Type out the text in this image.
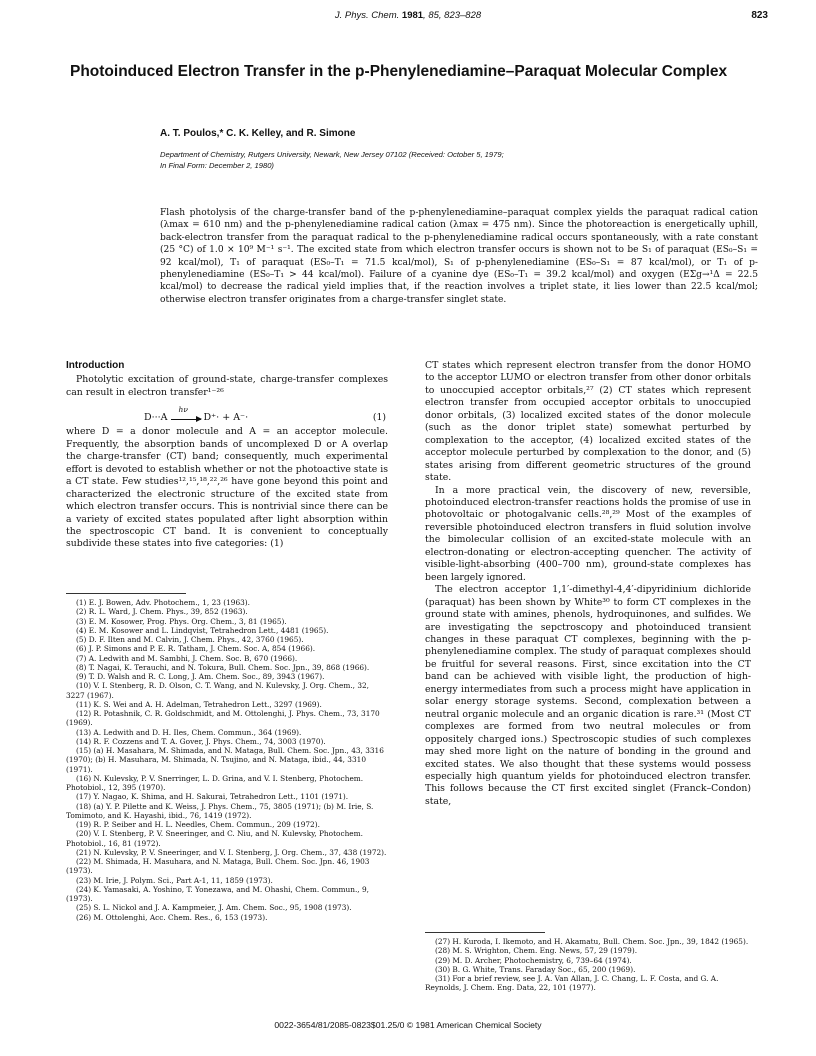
J. Phys. Chem. 1981, 85, 823–828	823
Photoinduced Electron Transfer in the p-Phenylenediamine–Paraquat Molecular Complex
A. T. Poulos,* C. K. Kelley, and R. Simone
Department of Chemistry, Rutgers University, Newark, New Jersey 07102 (Received: October 5, 1979;
In Final Form: December 2, 1980)
Flash photolysis of the charge-transfer band of the p-phenylenediamine–paraquat complex yields the paraquat radical cation (λmax = 610 nm) and the p-phenylenediamine radical cation (λmax = 475 nm). Since the photoreaction is energetically uphill, back-electron transfer from the paraquat radical to the p-phenylenediamine radical occurs spontaneously, with a rate constant (25 °C) of 1.0 × 10⁹ M⁻¹ s⁻¹. The excited state from which electron transfer occurs is shown not to be S₁ of paraquat (ES₀–S₁ = 92 kcal/mol), T₁ of paraquat (ES₀–T₁ = 71.5 kcal/mol), S₁ of p-phenylenediamine (ES₀–S₁ = 87 kcal/mol), or T₁ of p-phenylenediamine (ES₀–T₁ > 44 kcal/mol). Failure of a cyanine dye (ES₀–T₁ = 39.2 kcal/mol) and oxygen (EΣg→¹Δ = 22.5 kcal/mol) to decrease the radical yield implies that, if the reaction involves a triplet state, it lies lower than 22.5 kcal/mol; otherwise electron transfer originates from a charge-transfer singlet state.
Introduction

Photolytic excitation of ground-state, charge-transfer complexes can result in electron transfer¹⁻²⁶

D···A
hν
D⁺· + A⁻·	(1)

where D = a donor molecule and A = an acceptor molecule. Frequently, the absorption bands of uncomplexed D or A overlap the charge-transfer (CT) band; consequently, much experimental effort is devoted to establish whether or not the photoactive state is a CT state. Few studies¹²,¹⁵,¹⁸,²²,²⁶ have gone beyond this point and characterized the electronic structure of the excited state from which electron transfer occurs. This is nontrivial since there can be a variety of excited states populated after light absorption within the spectroscopic CT band. It is convenient to conceptually subdivide these states into five categories: (1)

(1) E. J. Bowen, Adv. Photochem., 1, 23 (1963).
(2) R. L. Ward, J. Chem. Phys., 39, 852 (1963).
(3) E. M. Kosower, Prog. Phys. Org. Chem., 3, 81 (1965).
(4) E. M. Kosower and L. Lindqvist, Tetrahedron Lett., 4481 (1965).
(5) D. F. Ilten and M. Calvin, J. Chem. Phys., 42, 3760 (1965).
(6) J. P. Simons and P. E. R. Tatham, J. Chem. Soc. A, 854 (1966).
(7) A. Ledwith and M. Sambhi, J. Chem. Soc. B, 670 (1966).
(8) T. Nagai, K. Terauchi, and N. Tokura, Bull. Chem. Soc. Jpn., 39, 868 (1966).
(9) T. D. Walsh and R. C. Long, J. Am. Chem. Soc., 89, 3943 (1967).
(10) V. I. Stenberg, R. D. Olson, C. T. Wang, and N. Kulevsky, J. Org. Chem., 32, 3227 (1967).
(11) K. S. Wei and A. H. Adelman, Tetrahedron Lett., 3297 (1969).
(12) R. Potashnik, C. R. Goldschmidt, and M. Ottolenghi, J. Phys. Chem., 73, 3170 (1969).
(13) A. Ledwith and D. H. Iles, Chem. Commun., 364 (1969).
(14) R. F. Cozzens and T. A. Gover, J. Phys. Chem., 74, 3003 (1970).
(15) (a) H. Masahara, M. Shimada, and N. Mataga, Bull. Chem. Soc. Jpn., 43, 3316 (1970); (b) H. Masuhara, M. Shimada, N. Tsujino, and N. Mataga, ibid., 44, 3310 (1971).
(16) N. Kulevsky, P. V. Snerringer, L. D. Grina, and V. I. Stenberg, Photochem. Photobiol., 12, 395 (1970).
(17) Y. Nagao, K. Shima, and H. Sakurai, Tetrahedron Lett., 1101 (1971).
(18) (a) Y. P. Pilette and K. Weiss, J. Phys. Chem., 75, 3805 (1971); (b) M. Irie, S. Tomimoto, and K. Hayashi, ibid., 76, 1419 (1972).
(19) R. P. Seiber and H. L. Needles, Chem. Commun., 209 (1972).
(20) V. I. Stenberg, P. V. Sneeringer, and C. Niu, and N. Kulevsky, Photochem. Photobiol., 16, 81 (1972).
(21) N. Kulevsky, P. V. Sneeringer, and V. I. Stenberg, J. Org. Chem., 37, 438 (1972).
(22) M. Shimada, H. Masuhara, and N. Mataga, Bull. Chem. Soc. Jpn. 46, 1903 (1973).
(23) M. Irie, J. Polym. Sci., Part A-1, 11, 1859 (1973).
(24) K. Yamasaki, A. Yoshino, T. Yonezawa, and M. Ohashi, Chem. Commun., 9, (1973).
(25) S. L. Nickol and J. A. Kampmeier, J. Am. Chem. Soc., 95, 1908 (1973).
(26) M. Ottolenghi, Acc. Chem. Res., 6, 153 (1973).

CT states which represent electron transfer from the donor HOMO to the acceptor LUMO or electron transfer from other donor orbitals to unoccupied acceptor orbitals,²⁷ (2) CT states which represent electron transfer from occupied acceptor orbitals to unoccupied donor orbitals, (3) localized excited states of the donor molecule (such as the donor triplet state) somewhat perturbed by complexation to the acceptor, (4) localized excited states of the acceptor molecule perturbed by complexation to the donor, and (5) states arising from different geometric structures of the ground state.

In a more practical vein, the discovery of new, reversible, photoinduced electron-transfer reactions holds the promise of use in photovoltaic or photogalvanic cells.²⁸,²⁹ Most of the examples of reversible photoinduced electron transfers in fluid solution involve the bimolecular collision of an excited-state molecule with an electron-donating or electron-accepting quencher. The activity of visible-light-absorbing (400–700 nm), ground-state complexes has been largely ignored.

The electron acceptor 1,1′-dimethyl-4,4′-dipyridinium dichloride (paraquat) has been shown by White³⁰ to form CT complexes in the ground state with amines, phenols, hydroquinones, and sulfides. We are investigating the sepctroscopy and photoinduced transient changes in these paraquat CT complexes, beginning with the p-phenylenediamine complex. The study of paraquat complexes should be fruitful for several reasons. First, since excitation into the CT band can be achieved with visible light, the production of high-energy intermediates from such a process might have application in solar energy storage systems. Second, complexation between a neutral organic molecule and an organic dication is rare.³¹ (Most CT complexes are formed from two neutral molecules or from oppositely charged ions.) Spectroscopic studies of such complexes may shed more light on the nature of bonding in the ground and excited states. We also thought that these systems would possess especially high quantum yields for photoinduced electron transfer. This follows because the CT first excited singlet (Franck–Condon) state,

(27) H. Kuroda, I. Ikemoto, and H. Akamatu, Bull. Chem. Soc. Jpn., 39, 1842 (1965).
(28) M. S. Wrighton, Chem. Eng. News, 57, 29 (1979).
(29) M. D. Archer, Photochemistry, 6, 739–64 (1974).
(30) B. G. White, Trans. Faraday Soc., 65, 200 (1969).
(31) For a brief review, see J. A. Van Allan, J. C. Chang, L. F. Costa, and G. A. Reynolds, J. Chem. Eng. Data, 22, 101 (1977).
0022-3654/81/2085-0823$01.25/0 © 1981 American Chemical Society
